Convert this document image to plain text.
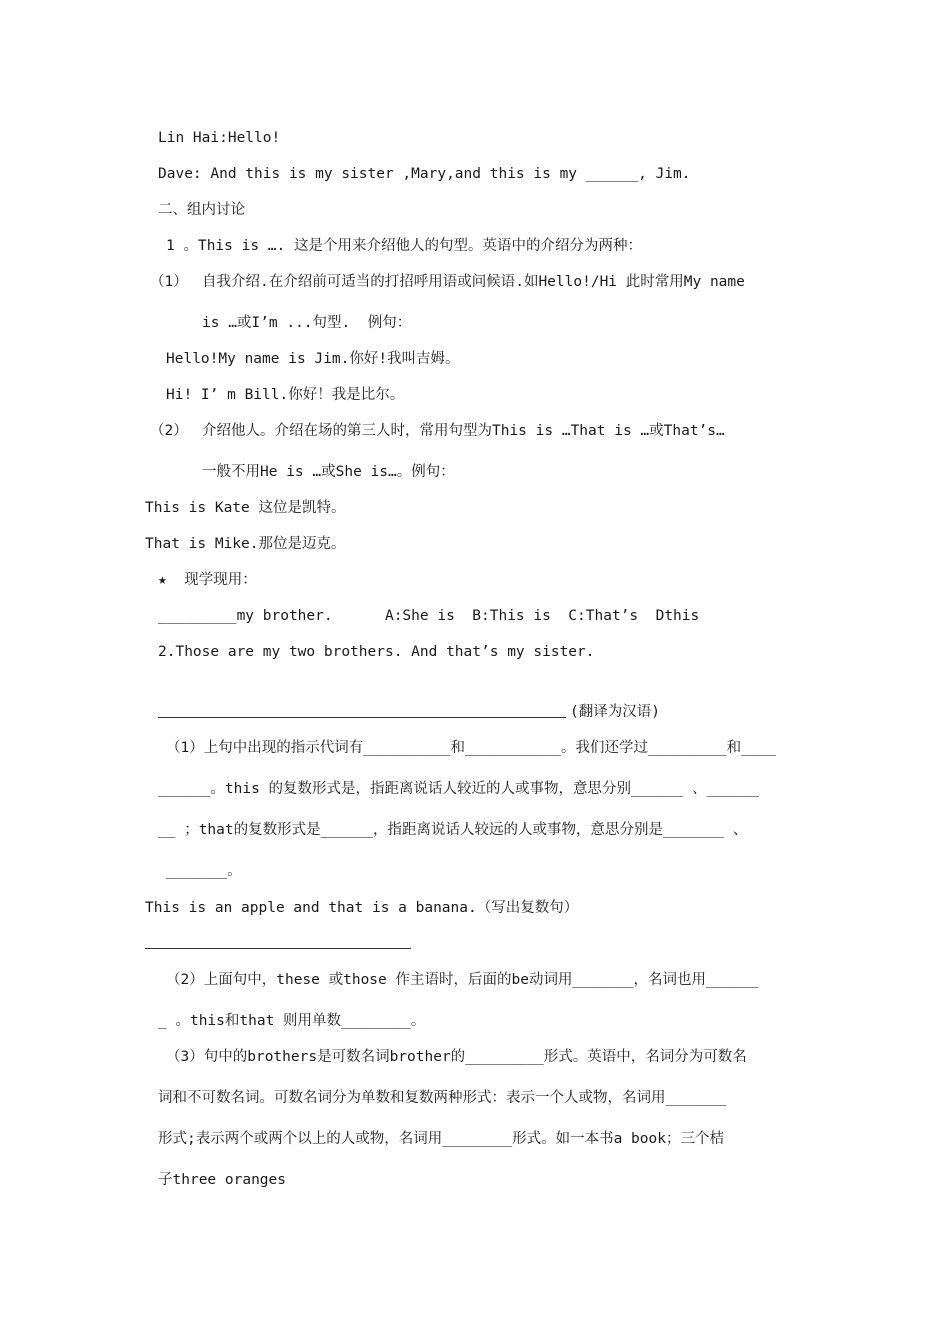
Lin Hai:Hello!
Dave: And this is my sister ,Mary,and this is my ______, Jim.
二、组内讨论
1 。This is …. 这是个用来介绍他人的句型。英语中的介绍分为两种：
（1） 自我介绍.在介绍前可适当的打招呼用语或问候语.如Hello!/Hi 此时常用My name
is …或I’m ...句型.  例句：
Hello!My name is Jim.你好!我叫吉姆。
Hi! I’ m Bill.你好！我是比尔。
（2） 介绍他人。介绍在场的第三人时，常用句型为This is …That is …或That’s…
一般不用He is …或She is…。例句：
This is Kate 这位是凯特。
That is Mike.那位是迈克。
★  现学现用：
_________my brother.      A:She is  B:This is  C:That’s  Dthis
2.Those are my two brothers. And that’s my sister.
(翻译为汉语)
（1）上句中出现的指示代词有__________和___________。我们还学过_________和____
______。this 的复数形式是，指距离说话人较近的人或事物，意思分别______ 、______
__ ；that的复数形式是______，指距离说话人较远的人或事物，意思分别是_______ 、
_______。
This is an apple and that is a banana.（写出复数句）
（2）上面句中，these 或those 作主语时，后面的be动词用_______，名词也用______
_ 。this和that 则用单数________。
（3）句中的brothers是可数名词brother的_________形式。英语中，名词分为可数名
词和不可数名词。可数名词分为单数和复数两种形式：表示一个人或物，名词用_______
形式;表示两个或两个以上的人或物，名词用________形式。如一本书a book；三个桔
子three oranges
